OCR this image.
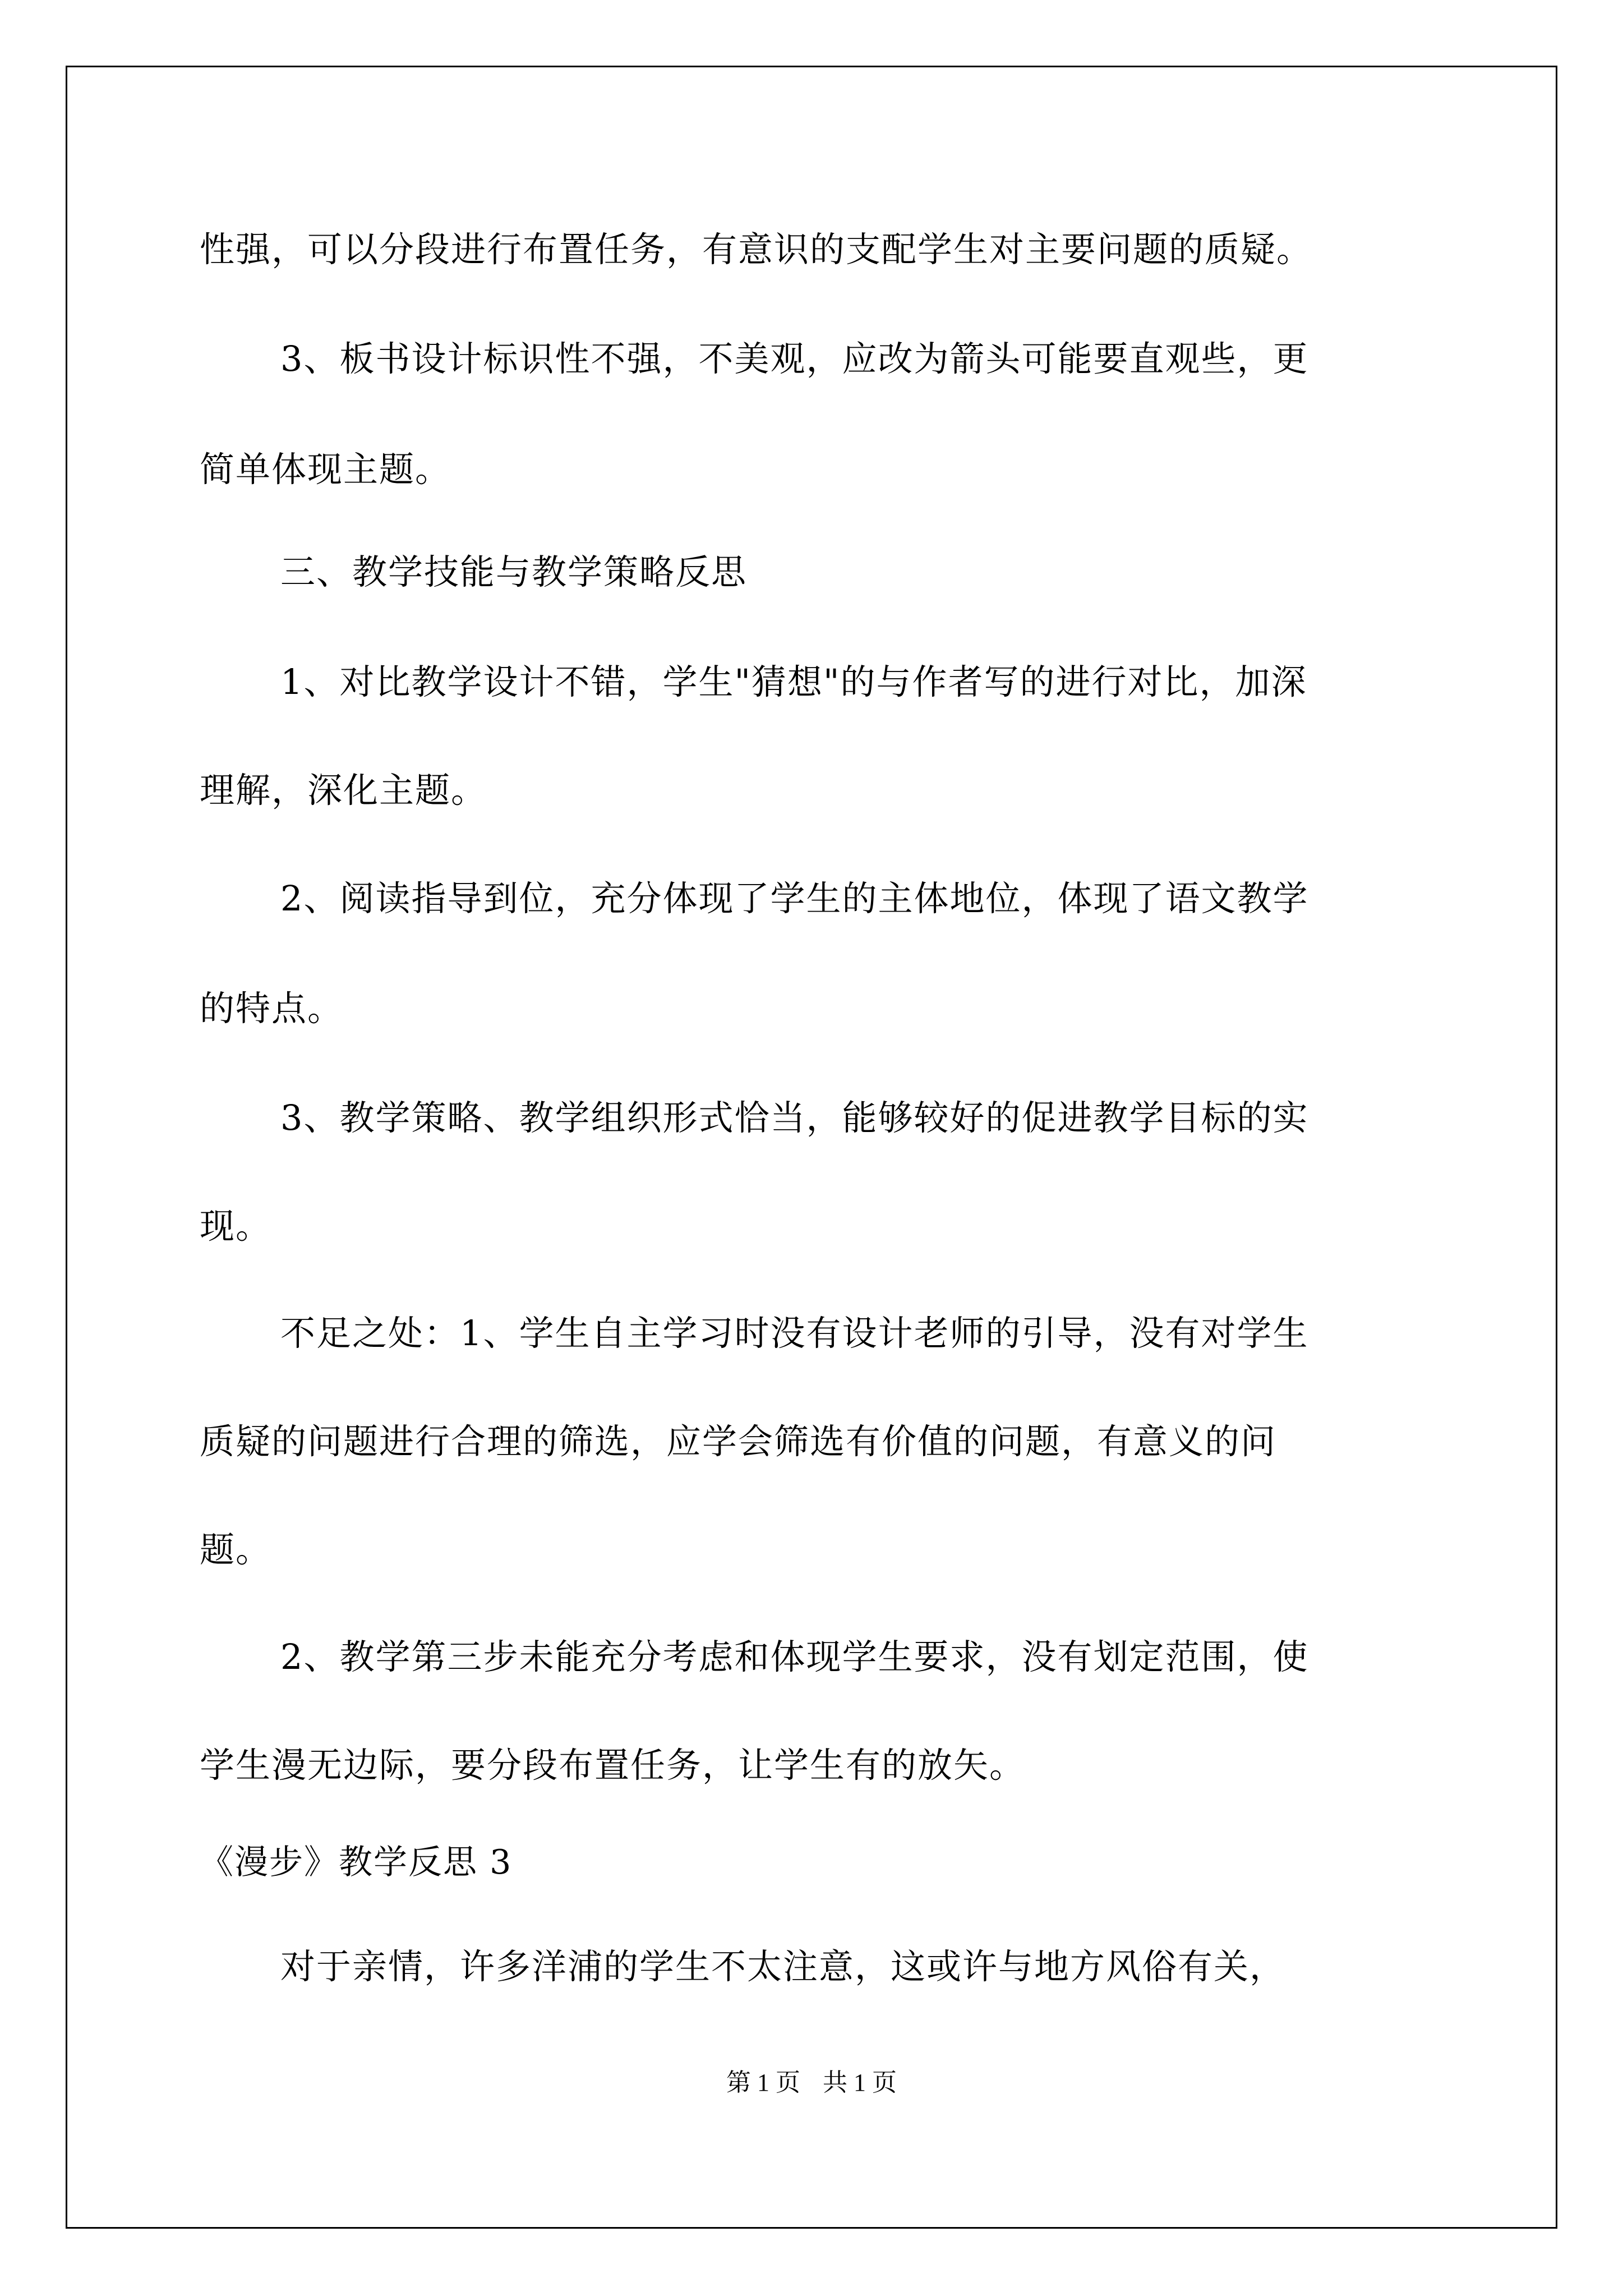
性强，可以分段进行布置任务，有意识的支配学生对主要问题的质疑。
3、板书设计标识性不强，不美观，应改为箭头可能要直观些，更
简单体现主题。
三、教学技能与教学策略反思
1、对比教学设计不错，学生"猜想"的与作者写的进行对比，加深
理解，深化主题。
2、阅读指导到位，充分体现了学生的主体地位，体现了语文教学
的特点。
3、教学策略、教学组织形式恰当，能够较好的促进教学目标的实
现。
不足之处：1、学生自主学习时没有设计老师的引导，没有对学生
质疑的问题进行合理的筛选，应学会筛选有价值的问题，有意义的问
题。
2、教学第三步未能充分考虑和体现学生要求，没有划定范围，使
学生漫无边际，要分段布置任务，让学生有的放矢。
《漫步》教学反思 3
对于亲情，许多洋浦的学生不太注意，这或许与地方风俗有关，
第 1 页 共 1 页
